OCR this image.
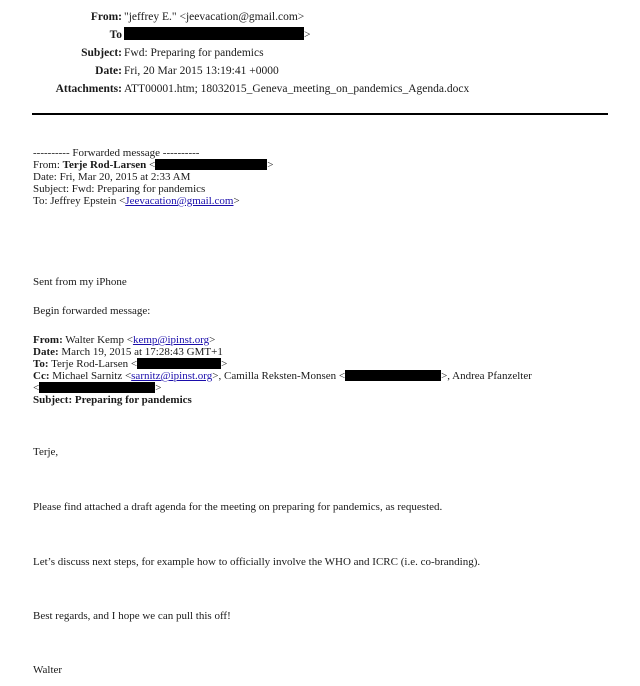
From: "jeffrey E." <jeevacation@gmail.com>
To	>
Subject: Fwd: Preparing for pandemics
Date: Fri, 20 Mar 2015 13:19:41 +0000
Attachments: ATT00001.htm; 18032015_Geneva_meeting_on_pandemics_Agenda.docx
---------- Forwarded message ----------
From: Terje Rod-Larsen <	>
Date: Fri, Mar 20, 2015 at 2:33 AM
Subject: Fwd: Preparing for pandemics
To: Jeffrey Epstein <Jeevacation@gmail.com>
Sent from my iPhone
Begin forwarded message:
From: Walter Kemp <kemp@ipinst.org>
Date: March 19, 2015 at 17:28:43 GMT+1
To: Terje Rod-Larsen <	>
Cc: Michael Sarnitz <sarnitz@ipinst.org>, Camilla Reksten-Monsen <	>, Andrea Pfanzelter
<	>
Subject: Preparing for pandemics
Terje,
Please find attached a draft agenda for the meeting on preparing for pandemics, as requested.
Let’s discuss next steps, for example how to officially involve the WHO and ICRC (i.e. co-branding).
Best regards, and I hope we can pull this off!
Walter
